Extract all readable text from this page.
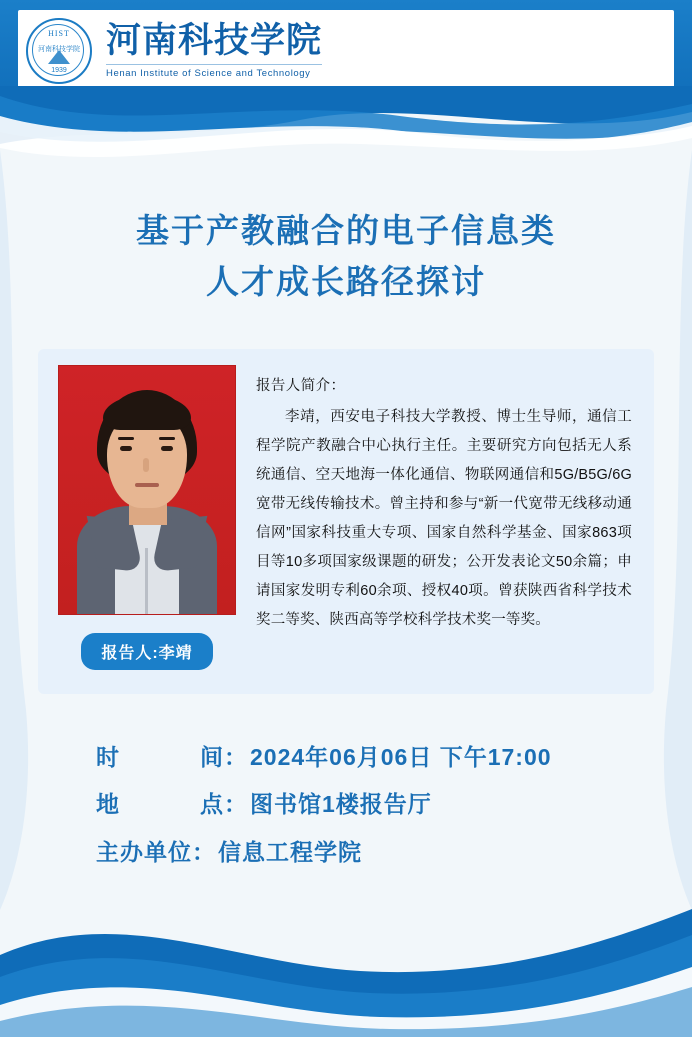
HIST
河南科技学院
1939
河南科技学院
Henan Institute of Science and Technology
基于产教融合的电子信息类
人才成长路径探讨
报告人:李靖
报告人简介：
李靖，西安电子科技大学教授、博士生导师，通信工程学院产教融合中心执行主任。主要研究方向包括无人系统通信、空天地海一体化通信、物联网通信和5G/B5G/6G宽带无线传输技术。曾主持和参与“新一代宽带无线移动通信网”国家科技重大专项、国家自然科学基金、国家863项目等10多项国家级课题的研发；公开发表论文50余篇；申请国家发明专利60余项、授权40项。曾获陕西省科学技术奖二等奖、陕西高等学校科学技术奖一等奖。
时	间 ： 2024年06月06日 下午17:00
地	点 ： 图书馆1楼报告厅
主办单位 ： 信息工程学院
